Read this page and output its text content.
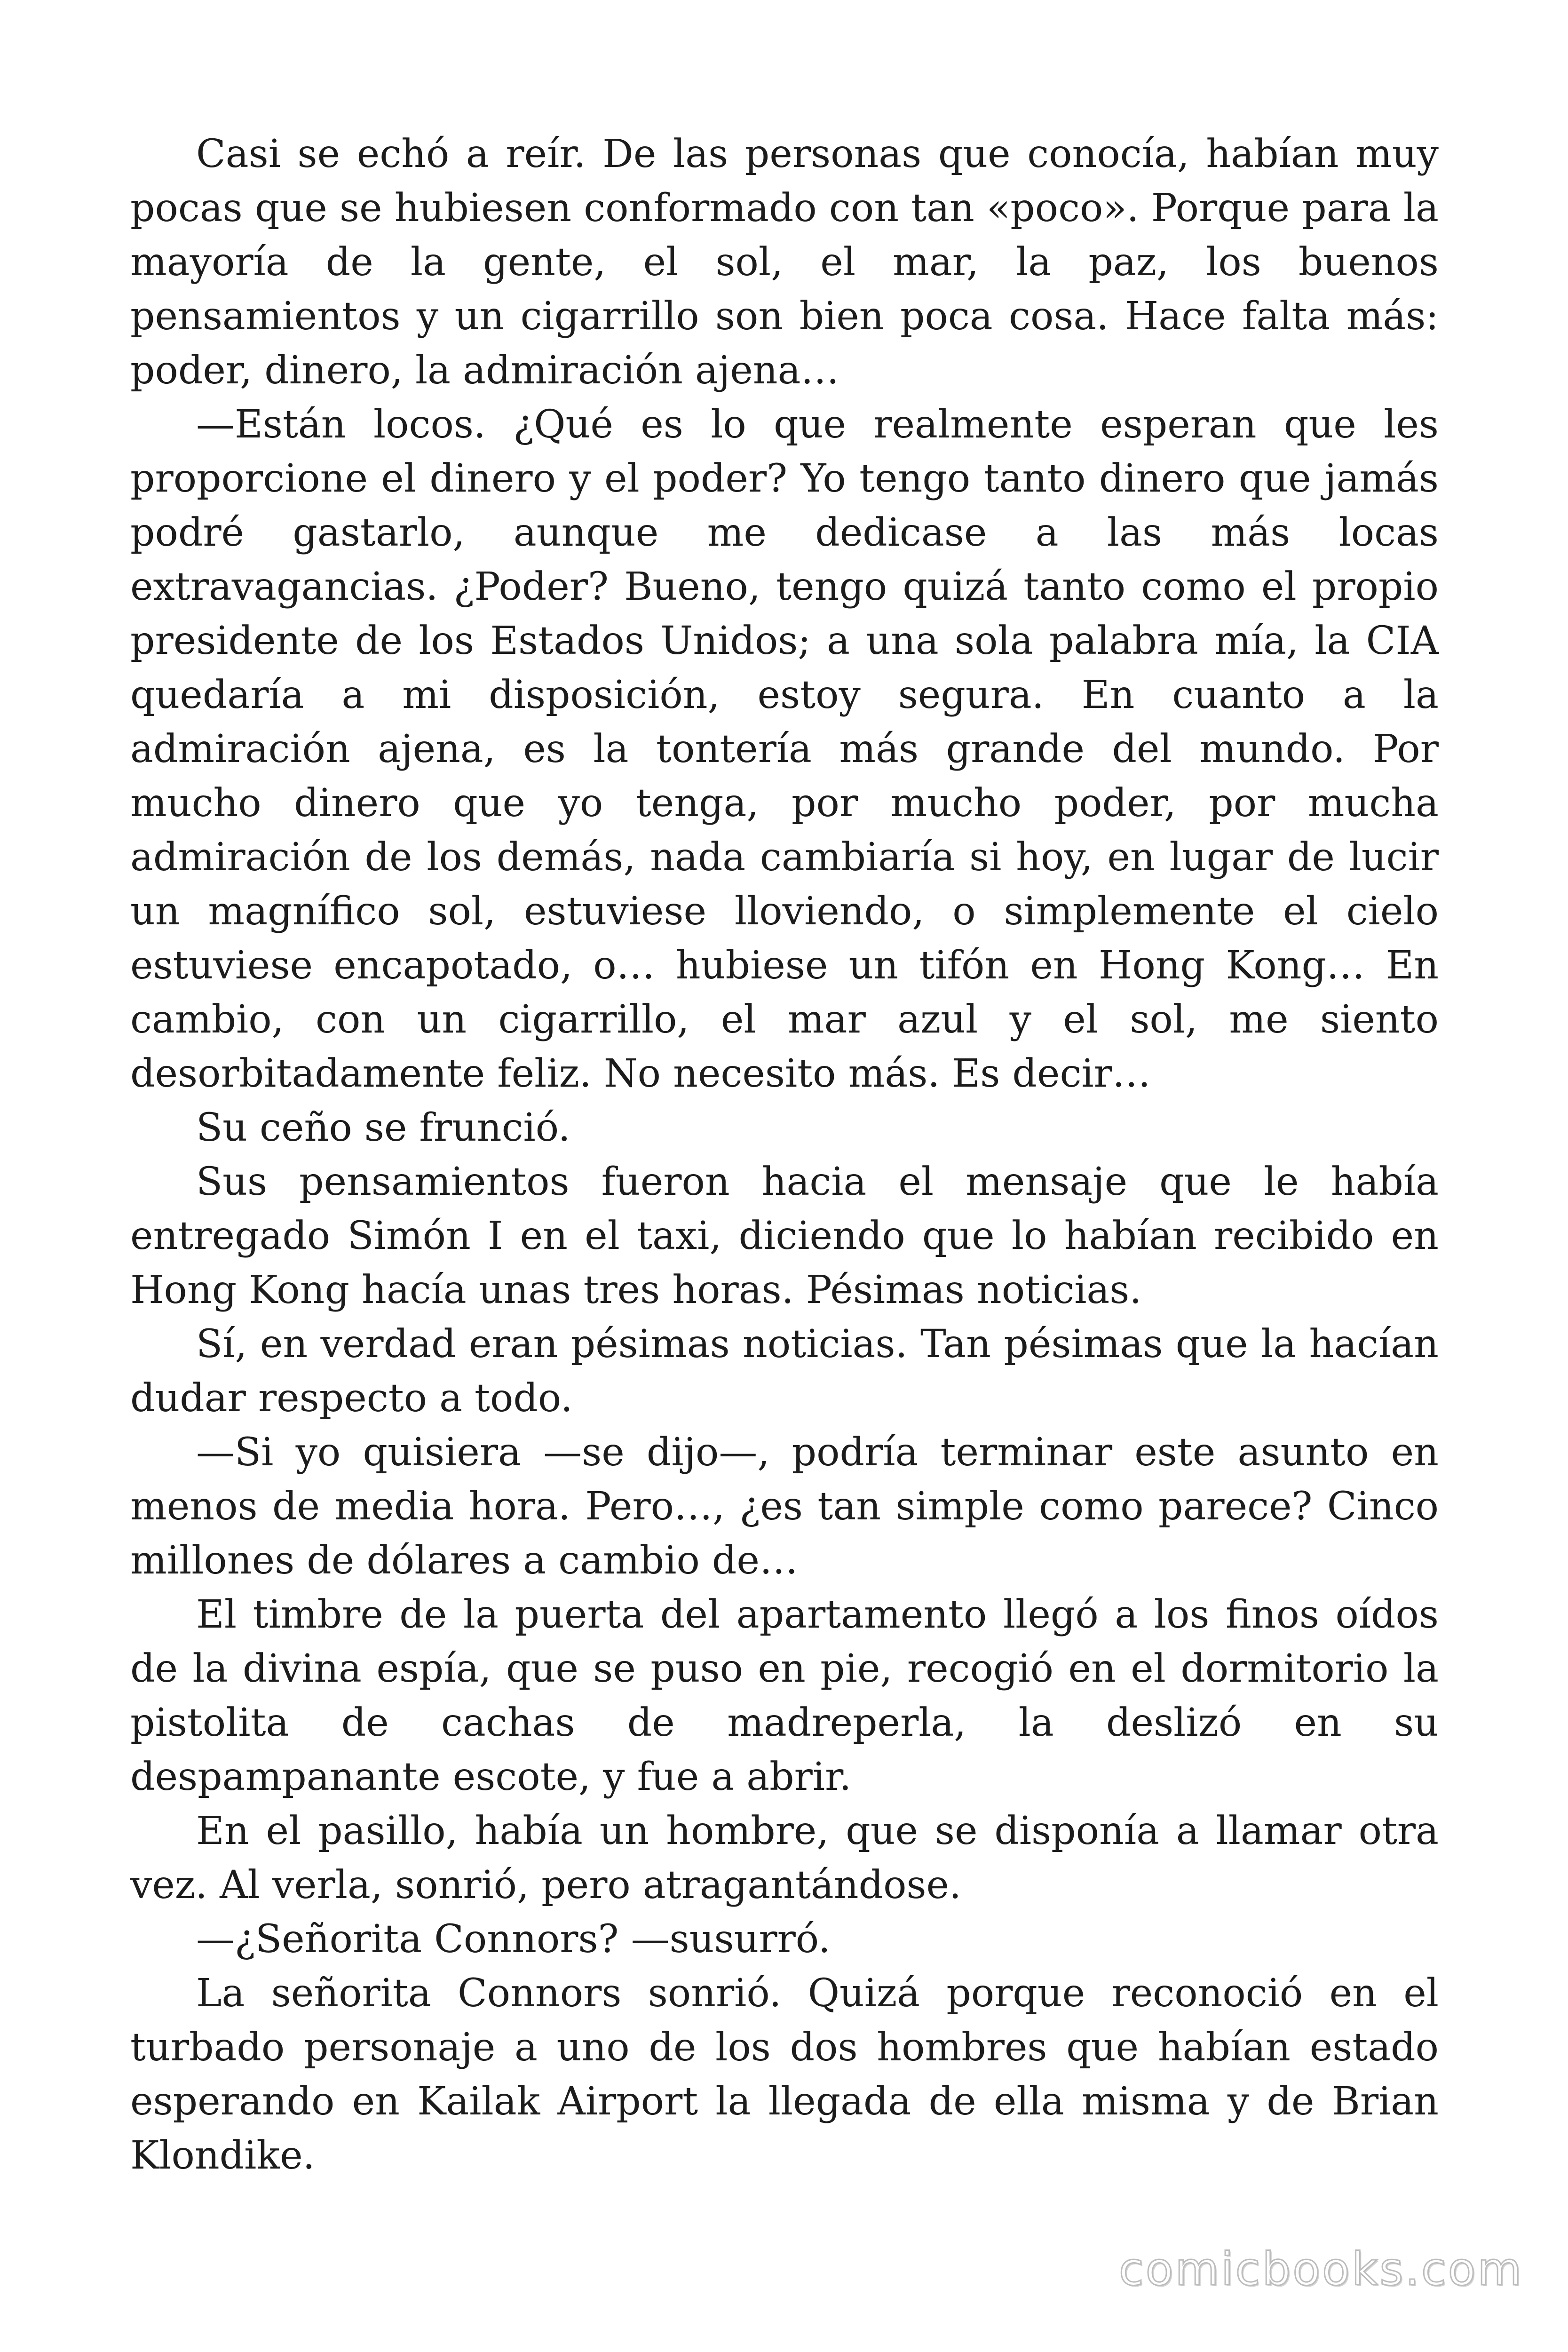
Casi se echó a reír. De las personas que conocía, habían muy pocas que se hubiesen conformado con tan «poco». Porque para la mayoría de la gente, el sol, el mar, la paz, los buenos pensamientos y un cigarrillo son bien poca cosa. Hace falta más: poder, dinero, la admiración ajena…

—Están locos. ¿Qué es lo que realmente esperan que les proporcione el dinero y el poder? Yo tengo tanto dinero que jamás podré gastarlo, aunque me dedicase a las más locas extravagancias. ¿Poder? Bueno, tengo quizá tanto como el propio presidente de los Estados Unidos; a una sola palabra mía, la CIA quedaría a mi disposición, estoy segura. En cuanto a la admiración ajena, es la tontería más grande del mundo. Por mucho dinero que yo tenga, por mucho poder, por mucha admiración de los demás, nada cambiaría si hoy, en lugar de lucir un magnífico sol, estuviese lloviendo, o simplemente el cielo estuviese encapotado, o… hubiese un tifón en Hong Kong… En cambio, con un cigarrillo, el mar azul y el sol, me siento desorbitadamente feliz. No necesito más. Es decir…

Su ceño se frunció.

Sus pensamientos fueron hacia el mensaje que le había entregado Simón I en el taxi, diciendo que lo habían recibido en Hong Kong hacía unas tres horas. Pésimas noticias.

Sí, en verdad eran pésimas noticias. Tan pésimas que la hacían dudar respecto a todo.

—Si yo quisiera —se dijo—, podría terminar este asunto en menos de media hora. Pero…, ¿es tan simple como parece? Cinco millones de dólares a cambio de…

El timbre de la puerta del apartamento llegó a los finos oídos de la divina espía, que se puso en pie, recogió en el dormitorio la pistolita de cachas de madreperla, la deslizó en su despampanante escote, y fue a abrir.

En el pasillo, había un hombre, que se disponía a llamar otra vez. Al verla, sonrió, pero atragantándose.

—¿Señorita Connors? —susurró.

La señorita Connors sonrió. Quizá porque reconoció en el turbado personaje a uno de los dos hombres que habían estado esperando en Kailak Airport la llegada de ella misma y de Brian Klondike.

comicbooks.com
